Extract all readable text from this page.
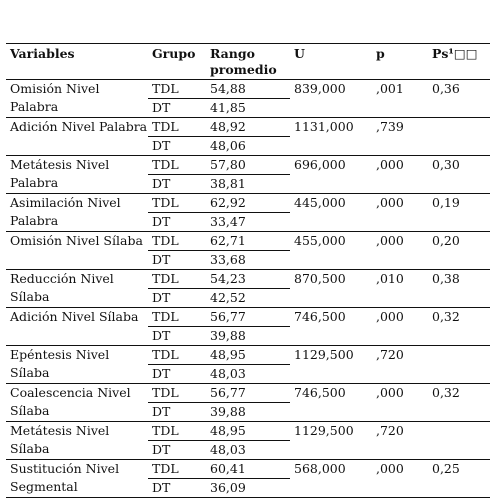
Variables	Grupo	Rango promedio	U	p	Ps¹□□
Omisión Nivel Palabra	TDL	54,88	839,000	,001	0,36
	DT	41,85			
Adición Nivel Palabra	TDL	48,92	1131,000	,739	
	DT	48,06			
Metátesis Nivel Palabra	TDL	57,80	696,000	,000	0,30
	DT	38,81			
Asimilación Nivel Palabra	TDL	62,92	445,000	,000	0,19
	DT	33,47			
Omisión Nivel Sílaba	TDL	62,71	455,000	,000	0,20
	DT	33,68			
Reducción Nivel Sílaba	TDL	54,23	870,500	,010	0,38
	DT	42,52			
Adición Nivel Sílaba	TDL	56,77	746,500	,000	0,32
	DT	39,88			
Epéntesis Nivel Sílaba	TDL	48,95	1129,500	,720	
	DT	48,03			
Coalescencia Nivel Sílaba	TDL	56,77	746,500	,000	0,32
	DT	39,88			
Metátesis Nivel Sílaba	TDL	48,95	1129,500	,720	
	DT	48,03			
Sustitución Nivel Segmental	TDL	60,41	568,000	,000	0,25
	DT	36,09			
